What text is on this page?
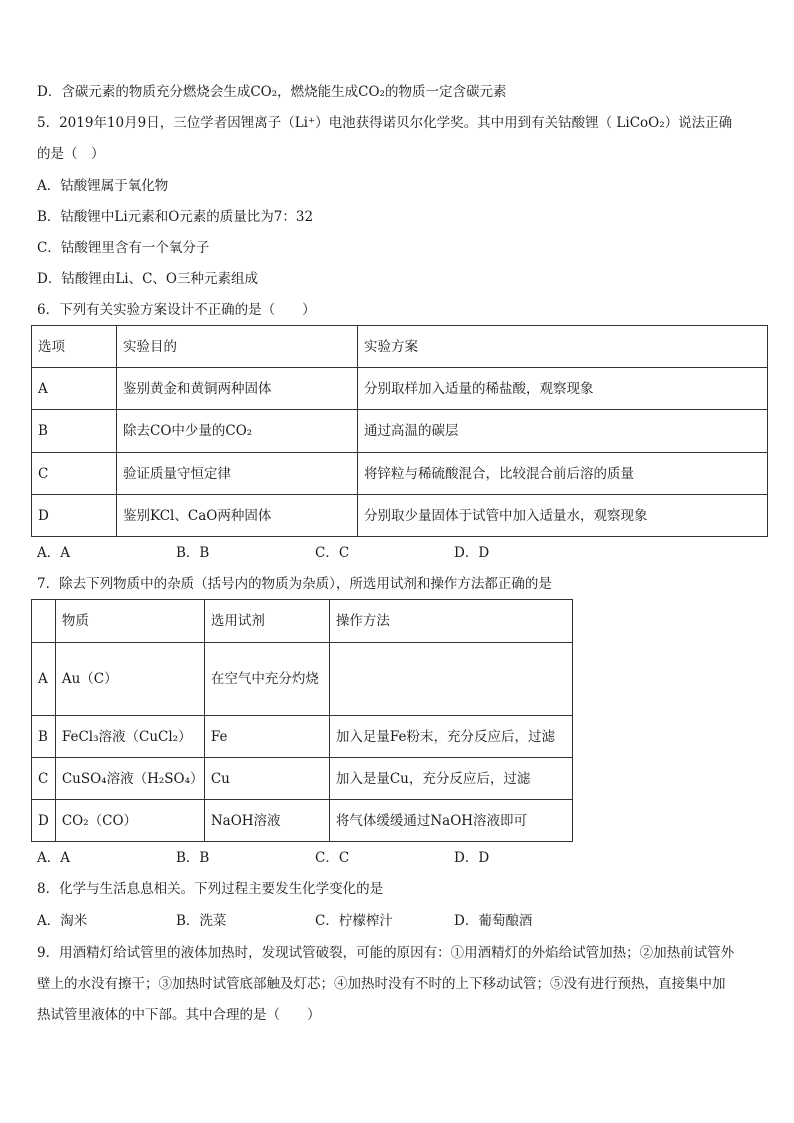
D．含碳元素的物质充分燃烧会生成CO₂，燃烧能生成CO₂的物质一定含碳元素
5．2019年10月9日，三位学者因锂离子（Li⁺）电池获得诺贝尔化学奖。其中用到有关钴酸锂（ LiCoO₂）说法正确
的是（　）
A．钴酸锂属于氧化物
B．钴酸锂中Li元素和O元素的质量比为7：32
C．钴酸锂里含有一个氧分子
D．钴酸锂由Li、C、O三种元素组成
6．下列有关实验方案设计不正确的是（　　）
选项	实验目的	实验方案
A	鉴别黄金和黄铜两种固体	分别取样加入适量的稀盐酸，观察现象
B	除去CO中少量的CO₂	通过高温的碳层
C	验证质量守恒定律	将锌粒与稀硫酸混合，比较混合前后溶的质量
D	鉴别KCl、CaO两种固体	分别取少量固体于试管中加入适量水，观察现象
A．A	B．B	C．C	D．D
7．除去下列物质中的杂质（括号内的物质为杂质），所选用试剂和操作方法都正确的是
	物质	选用试剂	操作方法
A	Au（C）	在空气中充分灼烧	
B	FeCl₃溶液（CuCl₂）	Fe	加入足量Fe粉末，充分反应后，过滤
C	CuSO₄溶液（H₂SO₄）	Cu	加入是量Cu，充分反应后，过滤
D	CO₂（CO）	NaOH溶液	将气体缓缓通过NaOH溶液即可
A．A	B．B	C．C	D．D
8．化学与生活息息相关。下列过程主要发生化学变化的是
A．淘米	B．洗菜	C．柠檬榨汁	D．葡萄酿酒
9．用酒精灯给试管里的液体加热时，发现试管破裂，可能的原因有：①用酒精灯的外焰给试管加热；②加热前试管外
壁上的水没有擦干；③加热时试管底部触及灯芯；④加热时没有不时的上下移动试管；⑤没有进行预热，直接集中加
热试管里液体的中下部。其中合理的是（　　）
